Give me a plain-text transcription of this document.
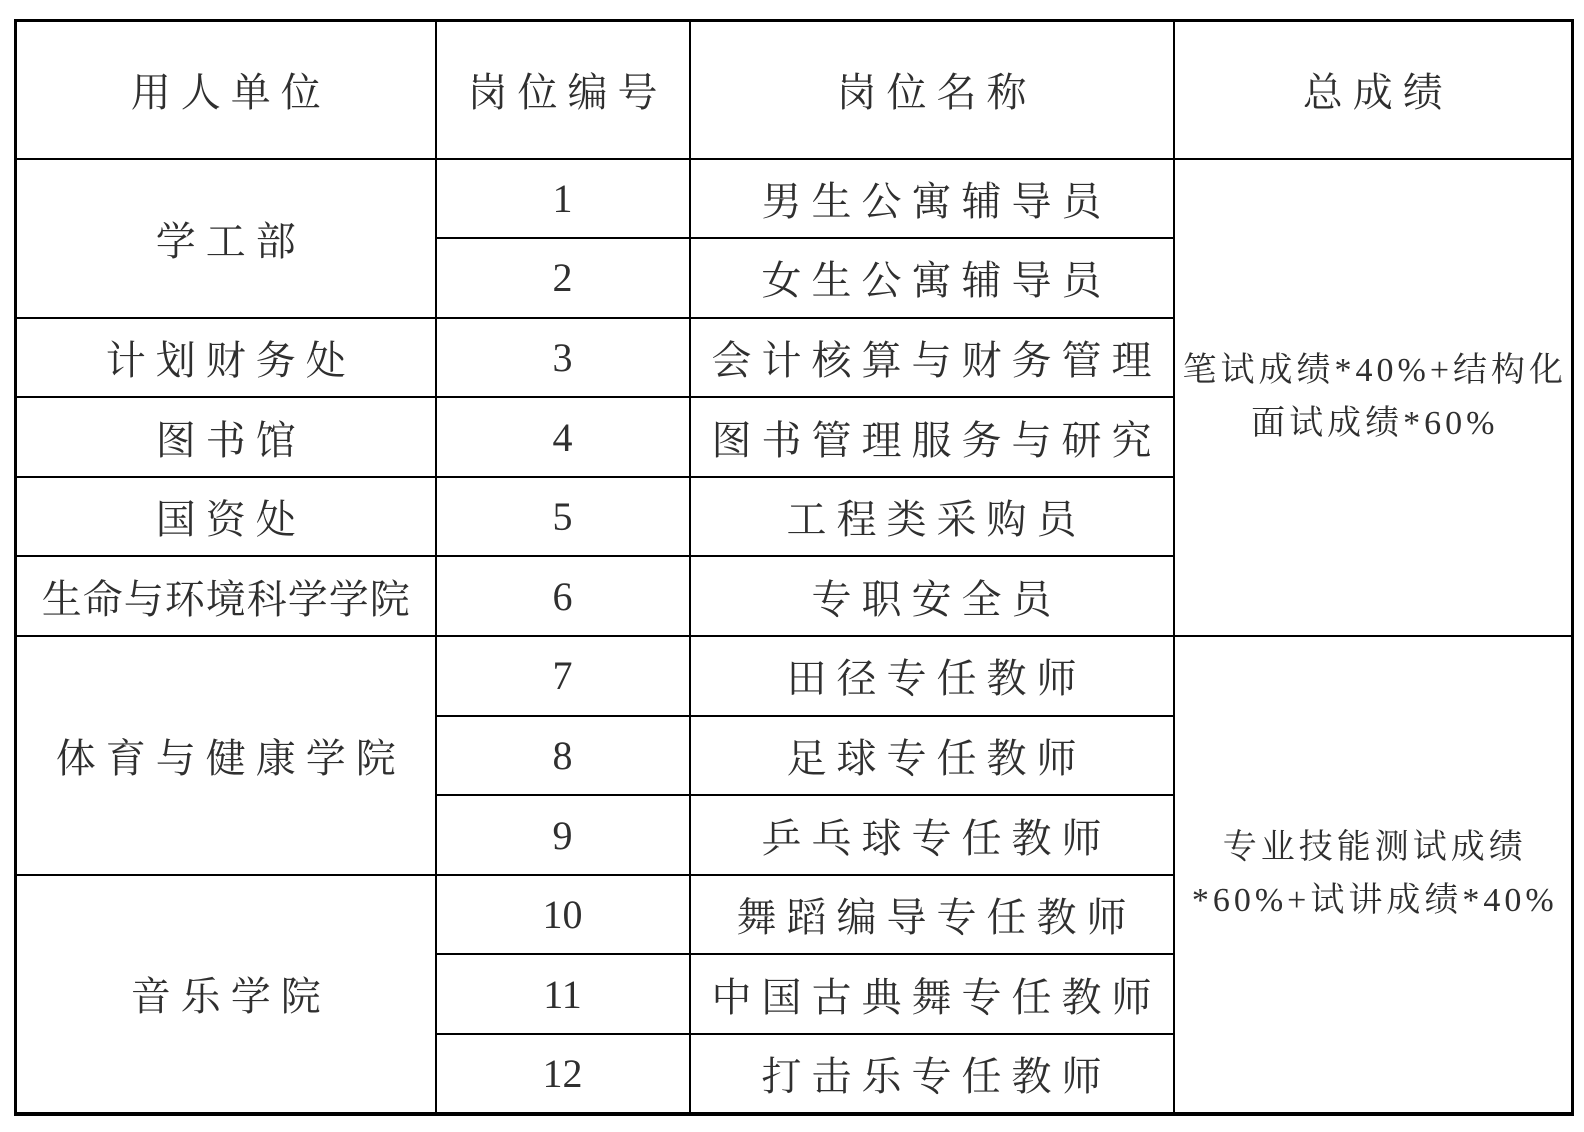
用人单位	岗位编号	岗位名称	总成绩
学工部	1	男生公寓辅导员	笔试成绩*40%+结构化
面试成绩*60%

	2	女生公寓辅导员	
计划财务处	3	会计核算与财务管理	
图书馆	4	图书管理服务与研究	
国资处	5	工程类采购员	
生命与环境科学学院	6	专职安全员	
体育与健康学院	7	田径专任教师	专业技能测试成绩
*60%+试讲成绩*40%

	8	足球专任教师	
	9	乒乓球专任教师	
音乐学院	10	舞蹈编导专任教师	
	11	中国古典舞专任教师	
	12	打击乐专任教师	
